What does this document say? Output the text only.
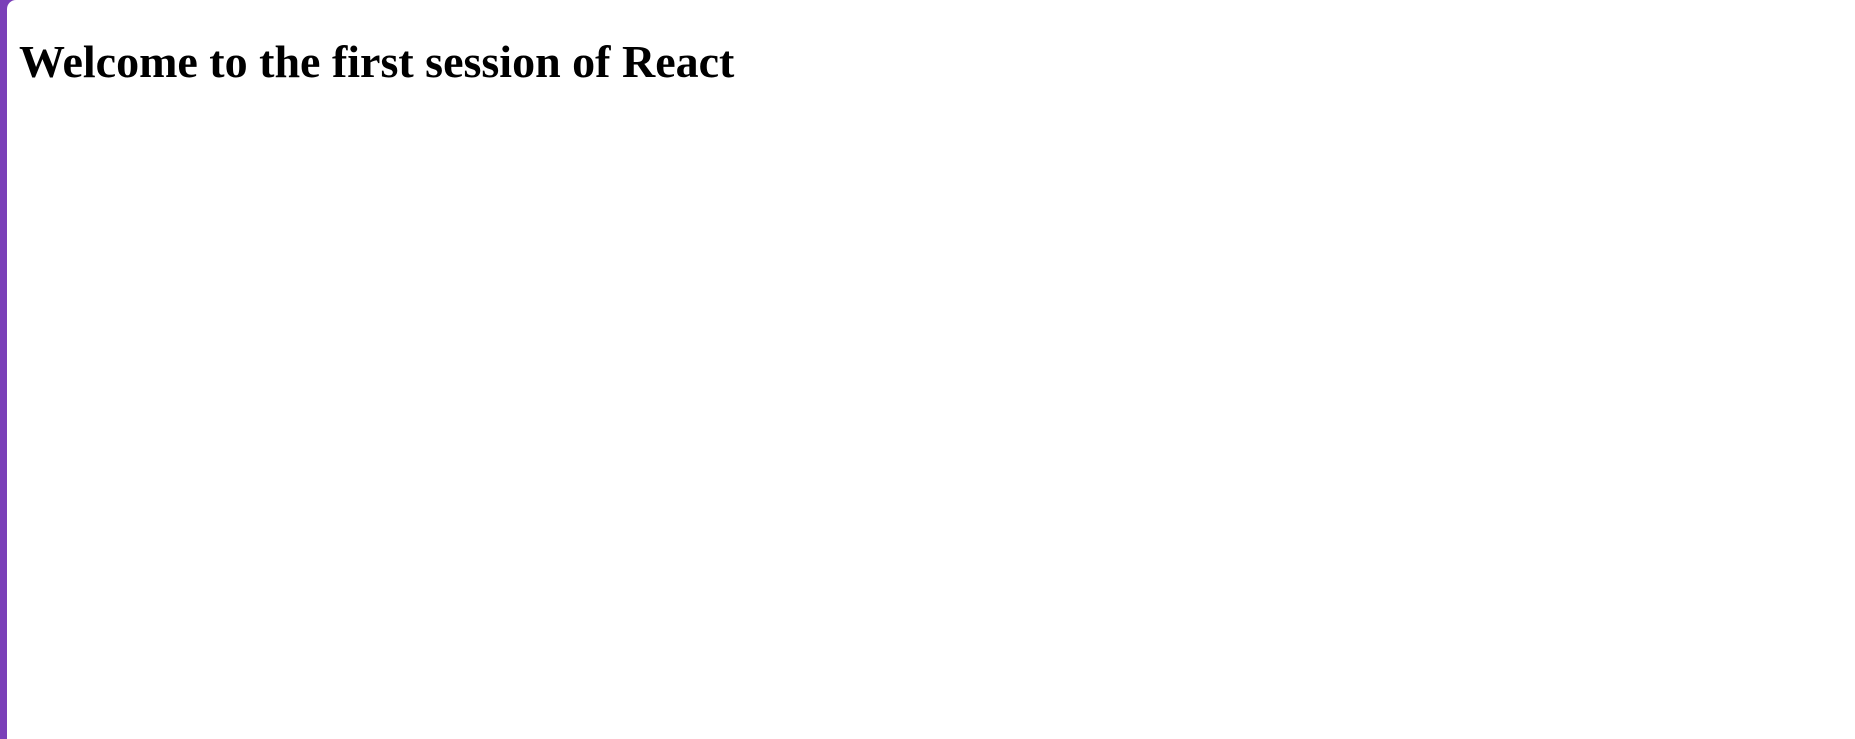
Welcome to the first session of React
